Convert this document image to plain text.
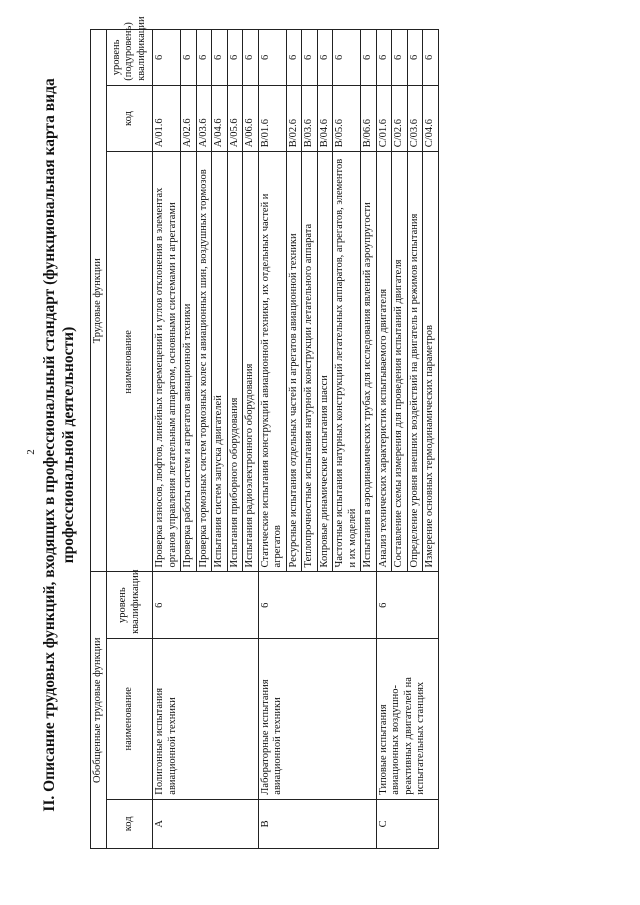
2 II. Описание трудовых функций, входящих в профессиональный стандарт (функциональная карта вида профессиональной деятельности)
Обобщенные трудовые функции			Трудовые функции		
код	наименование	уровень квалификации	наименование	код	уровень (подуровень) квалификации
A	Полигонные испытания авиационной техники	6	Проверка износов, люфтов, линейных перемещений и углов отклонения в элементах органов управления летательным аппаратом, основными системами и агрегатами	A/01.6	6
			Проверка работы систем и агрегатов авиационной техники	A/02.6	6
			Проверка тормозных систем тормозных колес и авиационных шин, воздушных тормозов	A/03.6	6
			Испытания систем запуска двигателей	A/04.6	6
			Испытания приборного оборудования	A/05.6	6
			Испытания радиоэлектронного оборудования	A/06.6	6
B	Лабораторные испытания авиационной техники	6	Статические испытания конструкций авиационной техники, их отдельных частей и агрегатов	B/01.6	6
			Ресурсные испытания отдельных частей и агрегатов авиационной техники	B/02.6	6
			Теплопрочностные испытания натурной конструкции летательного аппарата	B/03.6	6
			Копровые динамические испытания шасси	B/04.6	6
			Частотные испытания натурных конструкций летательных аппаратов, агрегатов, элементов и их моделей	B/05.6	6
			Испытания в аэродинамических трубах для исследования явлений аэроупругости	B/06.6	6
C	Типовые испытания авиационных воздушно-реактивных двигателей на испытательных станциях	6	Анализ технических характеристик испытываемого двигателя	C/01.6	6
			Составление схемы измерения для проведения испытаний двигателя	C/02.6	6
			Определение уровня внешних воздействий на двигатель и режимов испытания	C/03.6	6
			Измерение основных термодинамических параметров	C/04.6	6
